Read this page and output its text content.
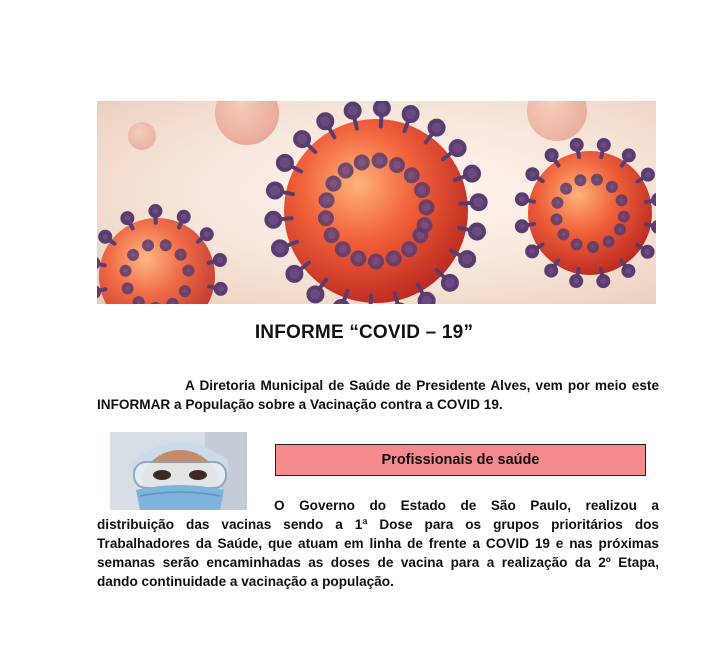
INFORME “COVID – 19”
A Diretoria Municipal de Saúde de Presidente Alves, vem por meio este INFORMAR a População sobre a Vacinação contra a COVID 19.
Profissionais de saúde
O Governo do Estado de São Paulo, realizou a
distribuição das vacinas sendo a 1ª Dose para os grupos prioritários dos Trabalhadores da Saúde, que atuam em linha de frente a COVID 19 e nas próximas semanas serão encaminhadas as doses de vacina para a realização da 2º Etapa, dando continuidade a vacinação a população.
